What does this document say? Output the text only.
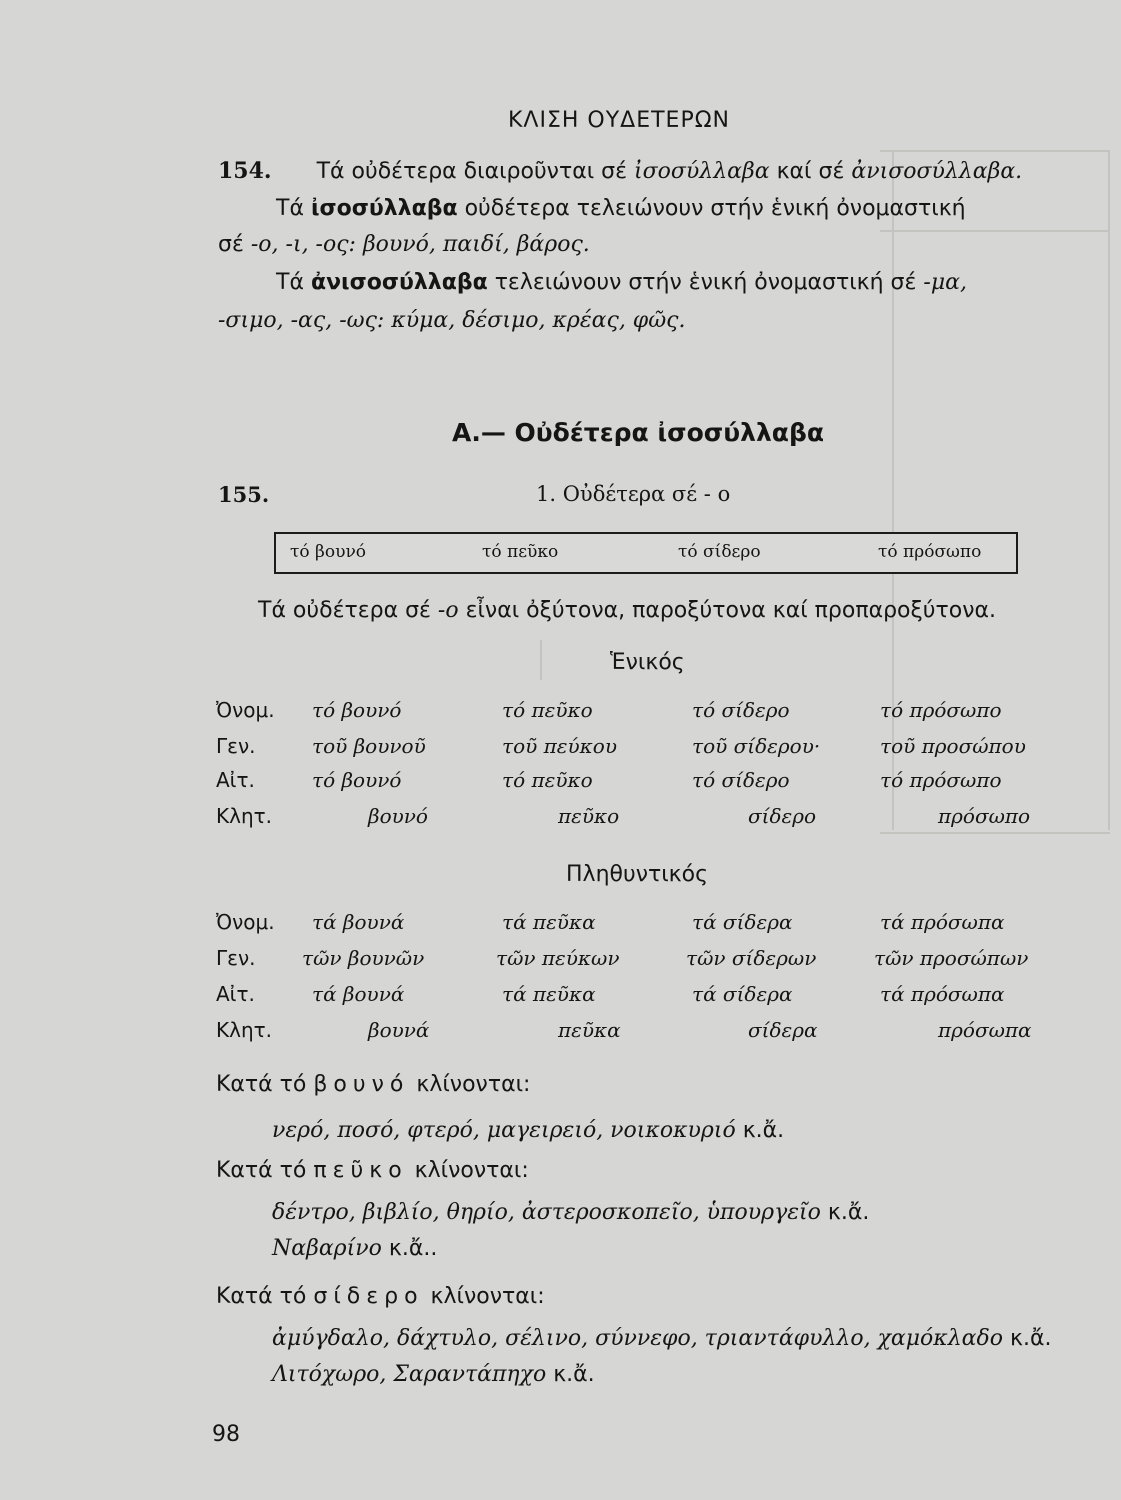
ΚΛΙΣΗ ΟΥΔΕΤΕΡΩΝ
154. Τά οὐδέτερα διαιροῦνται σέ ἰσοσύλλαβα καί σέ ἀνισοσύλλαβα.
Τά ἰσοσύλλαβα οὐδέτερα τελειώνουν στήν ἑνική ὀνομαστική
σέ -ο, -ι, -ος: βουνό, παιδί, βάρος.
Τά ἀνισοσύλλαβα τελειώνουν στήν ἑνική ὀνομαστική σέ -μα,
-σιμο, -ας, -ως: κύμα, δέσιμο, κρέας, φῶς.
Α.— Οὐδέτερα ἰσοσύλλαβα
155.	1. Οὐδέτερα σέ - ο
τό βουνό	τό πεῦκο	τό σίδερο	τό πρόσωπο
Τά οὐδέτερα σέ -ο εἶναι ὀξύτονα, παροξύτονα καί προπαροξύτονα.
Ἑνικός
Ὀνομ. τό βουνό	τό πεῦκο	τό σίδερο	τό πρόσωπο
Γεν.	τοῦ βουνοῦ	τοῦ πεύκου	τοῦ σίδερου·	τοῦ προσώπου
Αἰτ.	τό βουνό	τό πεῦκο	τό σίδερο	τό πρόσωπο
Κλητ.	βουνό	πεῦκο	σίδερο	πρόσωπο
Πληθυντικός
Ὀνομ. τά βουνά	τά πεῦκα	τά σίδερα	τά πρόσωπα
Γεν. τῶν βουνῶν	τῶν πεύκων	τῶν σίδερων	τῶν προσώπων
Αἰτ.	τά βουνά	τά πεῦκα	τά σίδερα	τά πρόσωπα
Κλητ.	βουνά	πεῦκα	σίδερα	πρόσωπα
Κατά τό βουνό κλίνονται:
νερό, ποσό, φτερό, μαγειρειό, νοικοκυριό κ.ἄ.
Κατά τό πεῦκο κλίνονται:
δέντρο, βιβλίο, θηρίο, ἀστεροσκοπεῖο, ὑπουργεῖο κ.ἄ.
Ναβαρίνο κ.ἄ..
Κατά τό σίδερο κλίνονται:
ἀμύγδαλο, δάχτυλο, σέλινο, σύννεφο, τριαντάφυλλο, χαμόκλαδο κ.ἄ.
Λιτόχωρο, Σαραντάπηχο κ.ἄ.
98
